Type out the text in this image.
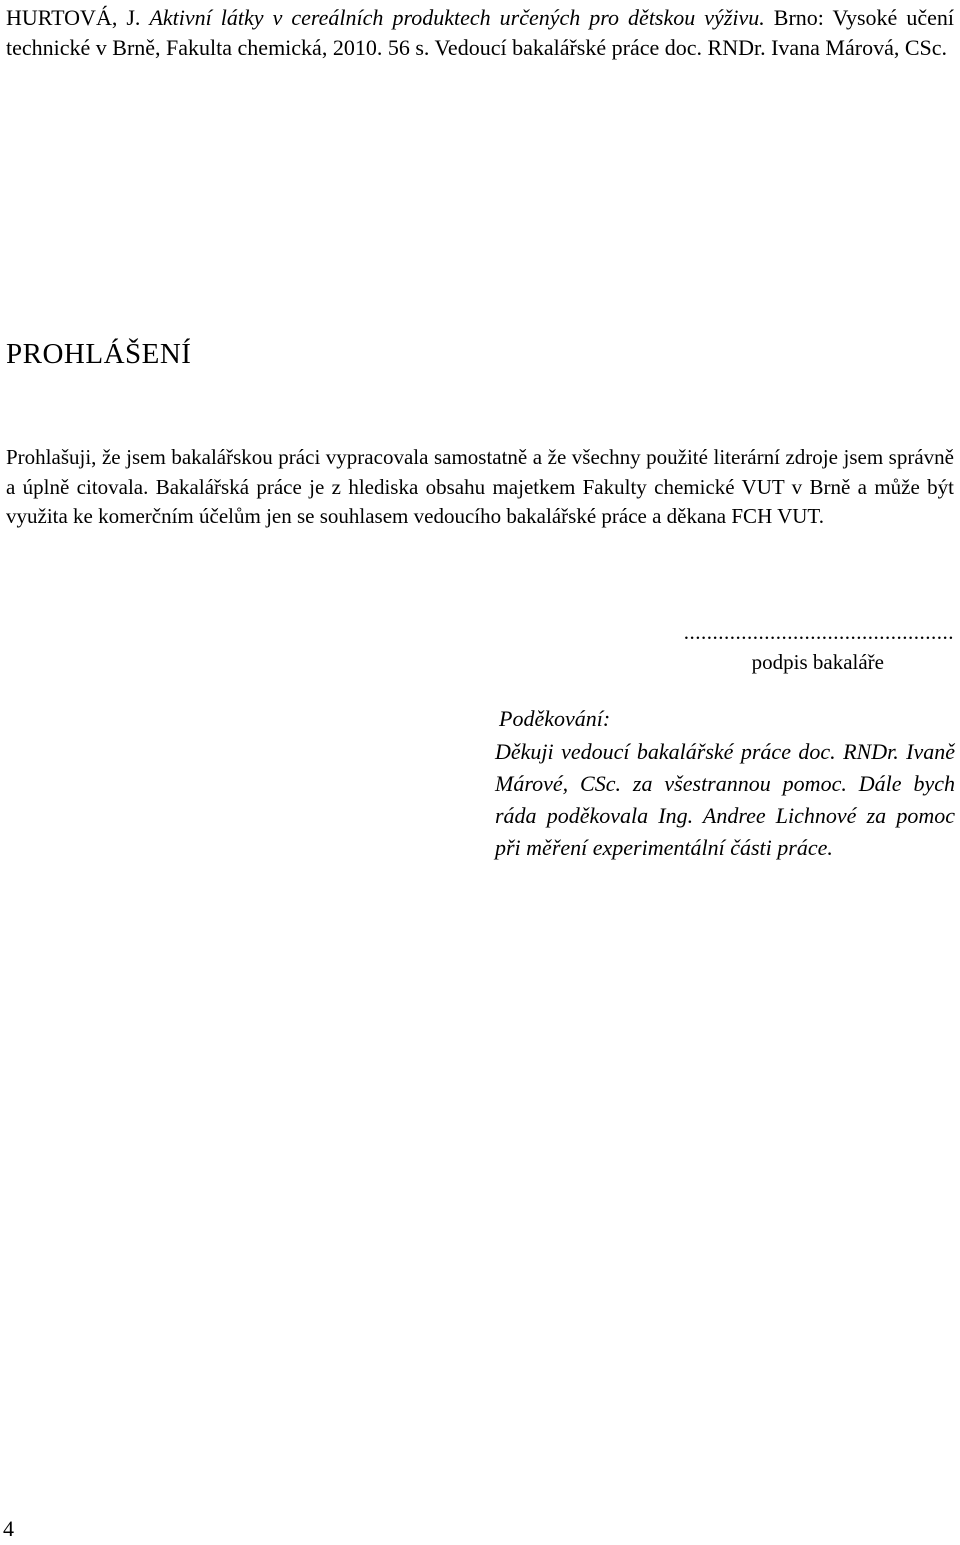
HURTOVÁ, J. Aktivní látky v cereálních produktech určených pro dětskou výživu. Brno: Vysoké učení technické v Brně, Fakulta chemická, 2010. 56 s. Vedoucí bakalářské práce doc. RNDr. Ivana Márová, CSc.
PROHLÁŠENÍ

Prohlašuji, že jsem bakalářskou práci vypracovala samostatně a že všechny použité literární zdroje jsem správně a úplně citovala. Bakalářská práce je z hlediska obsahu majetkem Fakulty chemické VUT v Brně a může být využita ke komerčním účelům jen se souhlasem vedoucího bakalářské práce a děkana FCH VUT.

...............................................
podpis bakaláře
Poděkování:
Děkuji vedoucí bakalářské práce doc. RNDr. Ivaně Márové, CSc. za všestrannou pomoc. Dále bych ráda poděkovala Ing. Andree Lichnové za pomoc při měření experimentální části práce.
4
